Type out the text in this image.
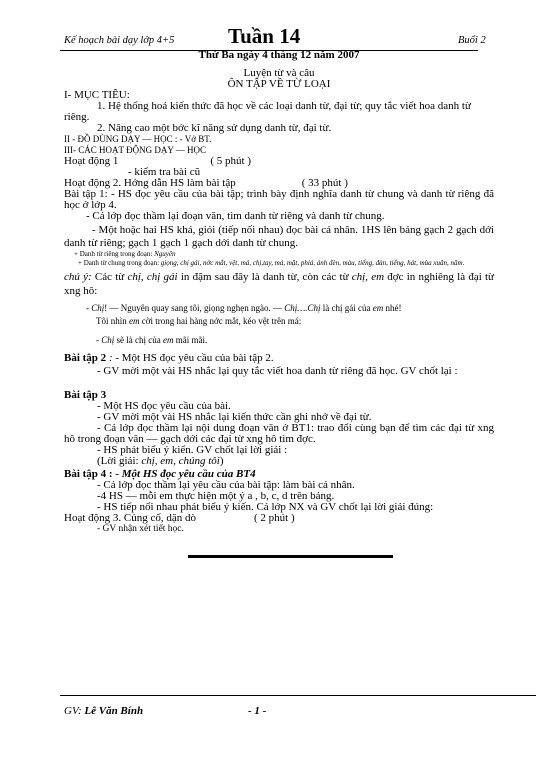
Kế hoạch bài dạy lớp 4+5	Tuần 14	Buổi 2

Thứ Ba ngày 4 tháng 12 năm 2007

Luyện từ và câu

ÔN TẬP VỀ TỪ LOẠI

I- MỤC TIÊU:

1. Hệ thống hoá kiến thức đã học về các loại danh từ, đại từ; quy tắc viết hoa danh từ riêng.

2. Nâng cao một bớc kĩ năng sử dụng danh từ, đại từ.

II - ĐỒ DÙNG DẠY — HỌC : - Vở BT.

III- CÁC HOẠT ĐỘNG DẠY — HỌC

Hoạt động 1	( 5 phút )

- kiểm tra bài cũ

Hoạt động 2. Hớng dẫn HS làm bài tập	( 33 phút )

Bài tập 1: - HS đọc yêu cầu của bài tập; trình bày định nghĩa danh từ chung và danh từ riêng đã học ở lớp 4.

- Cả lớp đọc thầm lại đoạn văn, tìm danh từ riêng và danh từ chung.

- Một hoặc hai HS khá, giỏi (tiếp nối nhau) đọc bài cá nhân. 1HS lên bảng gạch 2 gạch dới danh từ riêng; gạch 1 gạch 1 gạch dới danh từ chung.

+ Danh từ riêng trong đoạn: Nguyên

+ Danh từ chung trong đoạn: giọng, chị gái, nớc mắt, vệt, má, chị,tay, má, mặt, phiá, ánh đèn, màu, tiếng, đàn, tiếng, hát, mùa xuân, năm.

chú ý: Các từ chị, chị gái in đậm sau đây là danh từ, còn các từ chị, em đợc in nghiêng là đại từ xng hô:

- Chị! — Nguyên quay sang tôi, giọng nghẹn ngào. — Chị….Chị là chị gái của em nhé!

Tôi nhìn em cời trong hai hàng nớc mắt, kéo vệt trên má:

- Chị sẽ là chị của em mãi mãi.

Bài tập 2 : - Một HS đọc yêu cầu của bài tập 2.

- GV mời một vài HS nhắc lại quy tắc viết hoa danh từ riêng đã học. GV chốt lại :

Bài tập 3

- Một HS đọc yêu cầu của bài.

- GV mời một vài HS nhắc lại kiến thức cần ghi nhớ về đại từ.

- Cả lớp đọc thầm lại nội dung đoạn văn ở BT1: trao đổi cùng bạn để tìm các đại từ xng hô trong đoạn văn — gạch dới các đại từ xng hô tìm đợc.

- HS phát biểu ý kiến. GV chốt lại lời giải :

(Lời giải: chị, em, chúng tôi)

Bài tập 4 : - Một HS đọc yêu cầu của BT4

- Cả lớp đọc thầm lại yêu cầu của bài tập: làm bài cá nhân.

-4 HS — mỗi em thực hiện một ý a , b, c, d trên bảng.

- HS tiếp nối nhau phát biểu ý kiến. Cả lớp NX và GV chốt lại lời giải đúng:

Hoạt động 3. Củng cố, dặn dò	( 2 phút )

- GV nhận xét tiết học.

GV: Lê Văn Bính	- 1 -
